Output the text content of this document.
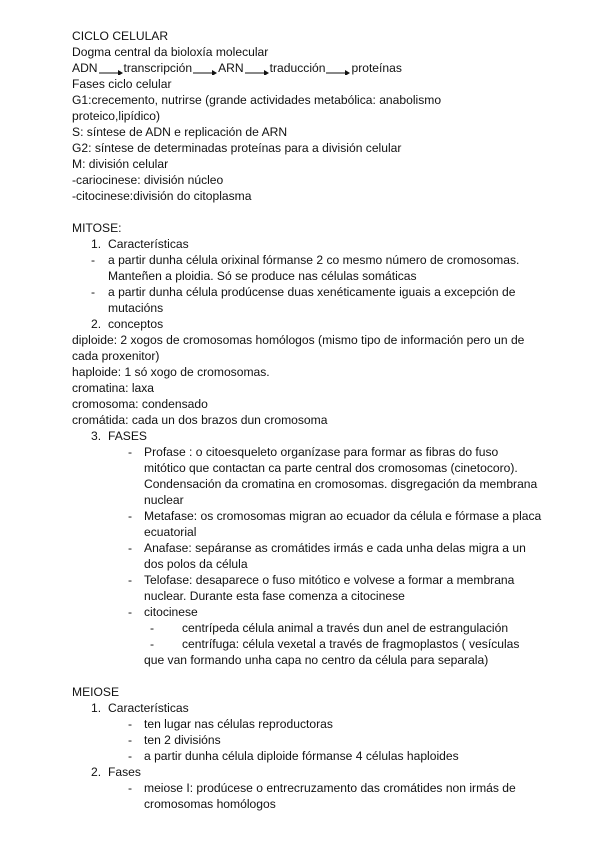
CICLO CELULAR
Dogma central da bioloxía molecular
ADN transcripción ARN traducción proteínas
Fases ciclo celular
G1:crecemento, nutrirse (grande actividades metabólica: anabolismo
proteico,lipídico)
S: síntese de ADN e replicación de ARN
G2: síntese de determinadas proteínas para a división celular
M: división celular
-cariocinese: división núcleo
-citocinese:división do citoplasma
MITOSE:
1. Características
- a partir dunha célula orixinal fórmanse 2 co mesmo número de cromosomas. Manteñen a ploidia. Só se produce nas células somáticas
- a partir dunha célula prodúcense duas xenéticamente iguais a excepción de mutacións
2. conceptos
diploide: 2 xogos de cromosomas homólogos (mismo tipo de información pero un de cada proxenitor)
haploide: 1 só xogo de cromosomas.
cromatina: laxa
cromosoma: condensado
cromátida: cada un dos brazos dun cromosoma
3. FASES
- Profase : o citoesqueleto organízase para formar as fibras do fuso mitótico que contactan ca parte central dos cromosomas (cinetocoro). Condensación da cromatina en cromosomas. disgregación da membrana nuclear
- Metafase: os cromosomas migran ao ecuador da célula e fórmase a placa ecuatorial
- Anafase: sepáranse as cromátides irmás e cada unha delas migra a un dos polos da célula
- Telofase: desaparece o fuso mitótico e volvese a formar a membrana nuclear. Durante esta fase comenza a citocinese
- citocinese
- centrípeda célula animal a través dun anel de estrangulación
- centrífuga: célula vexetal a través de fragmoplastos ( vesículas que van formando unha capa no centro da célula para separala)
MEIOSE
1. Características
- ten lugar nas células reproductoras
- ten 2 divisións
- a partir dunha célula diploide fórmanse 4 células haploides
2. Fases
- meiose I: prodúcese o entrecruzamento das cromátides non irmás de cromosomas homólogos
